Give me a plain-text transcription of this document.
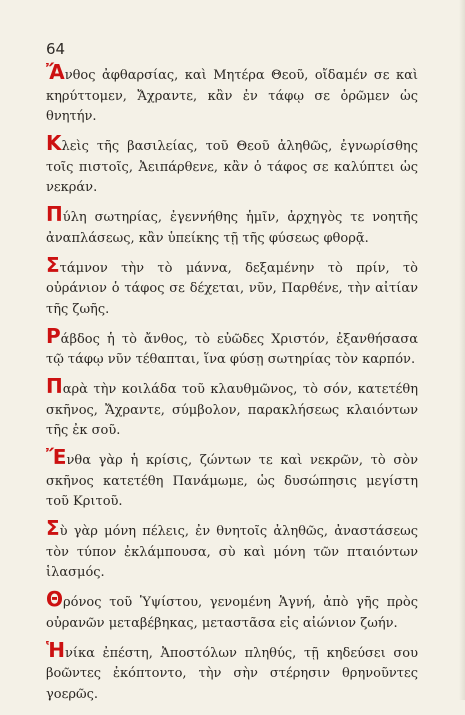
64

Ἄνθος ἀφθαρσίας, καὶ Μητέρα Θεοῦ, οἴδαμέν σε καὶ κηρύττομεν, Ἄχραντε, κἂν ἐν τάφῳ σε ὁρῶμεν ὡς θνητήν.

Κλεὶς τῆς βασιλείας, τοῦ Θεοῦ ἀληθῶς, ἐγνωρίσθης τοῖς πιστοῖς, Ἀειπάρθενε, κἂν ὁ τάφος σε καλύπτει ὡς νεκράν.

Πύλη σωτηρίας, ἐγεννήθης ἡμῖν, ἀρχηγὸς τε νοητῆς ἀναπλάσεως, κἂν ὑπείκης τῇ τῆς φύσεως φθορᾷ.

Στάμνον τὴν τὸ μάννα, δεξαμένην τὸ πρίν, τὸ οὐράνιον ὁ τάφος σε δέχεται, νῦν, Παρθένε, τὴν αἰτίαν τῆς ζωῆς.

Ράβδος ἡ τὸ ἄνθος, τὸ εὐῶδες Χριστόν, ἐξανθήσασα τῷ τάφῳ νῦν τέθαπται, ἵνα φύσῃ σωτηρίας τὸν καρπόν.

Παρὰ τὴν κοιλάδα τοῦ κλαυθμῶνος, τὸ σόν, κατετέθη σκῆνος, Ἄχραντε, σύμβολον, παρακλήσεως κλαιόντων τῆς ἐκ σοῦ.

Ἔνθα γὰρ ἡ κρίσις, ζώντων τε καὶ νεκρῶν, τὸ σὸν σκῆνος κατετέθη Πανάμωμε, ὡς δυσώπησις μεγίστη τοῦ Κριτοῦ.

Σὺ γὰρ μόνη πέλεις, ἐν θνητοῖς ἀληθῶς, ἀναστάσεως τὸν τύπον ἐκλάμπουσα, σὺ καὶ μόνη τῶν πταιόντων ἱλασμός.

Θρόνος τοῦ Ὑψίστου, γενομένη Ἁγνή, ἀπὸ γῆς πρὸς οὐρανῶν μεταβέβηκας, μεταστᾶσα εἰς αἰώνιον ζωήν.

Ἡνίκα ἐπέστη, Ἀποστόλων πληθύς, τῇ κηδεύσει σου βοῶντες ἐκόπτοντο, τὴν σὴν στέρησιν θρηνοῦντες γοερῶς.
